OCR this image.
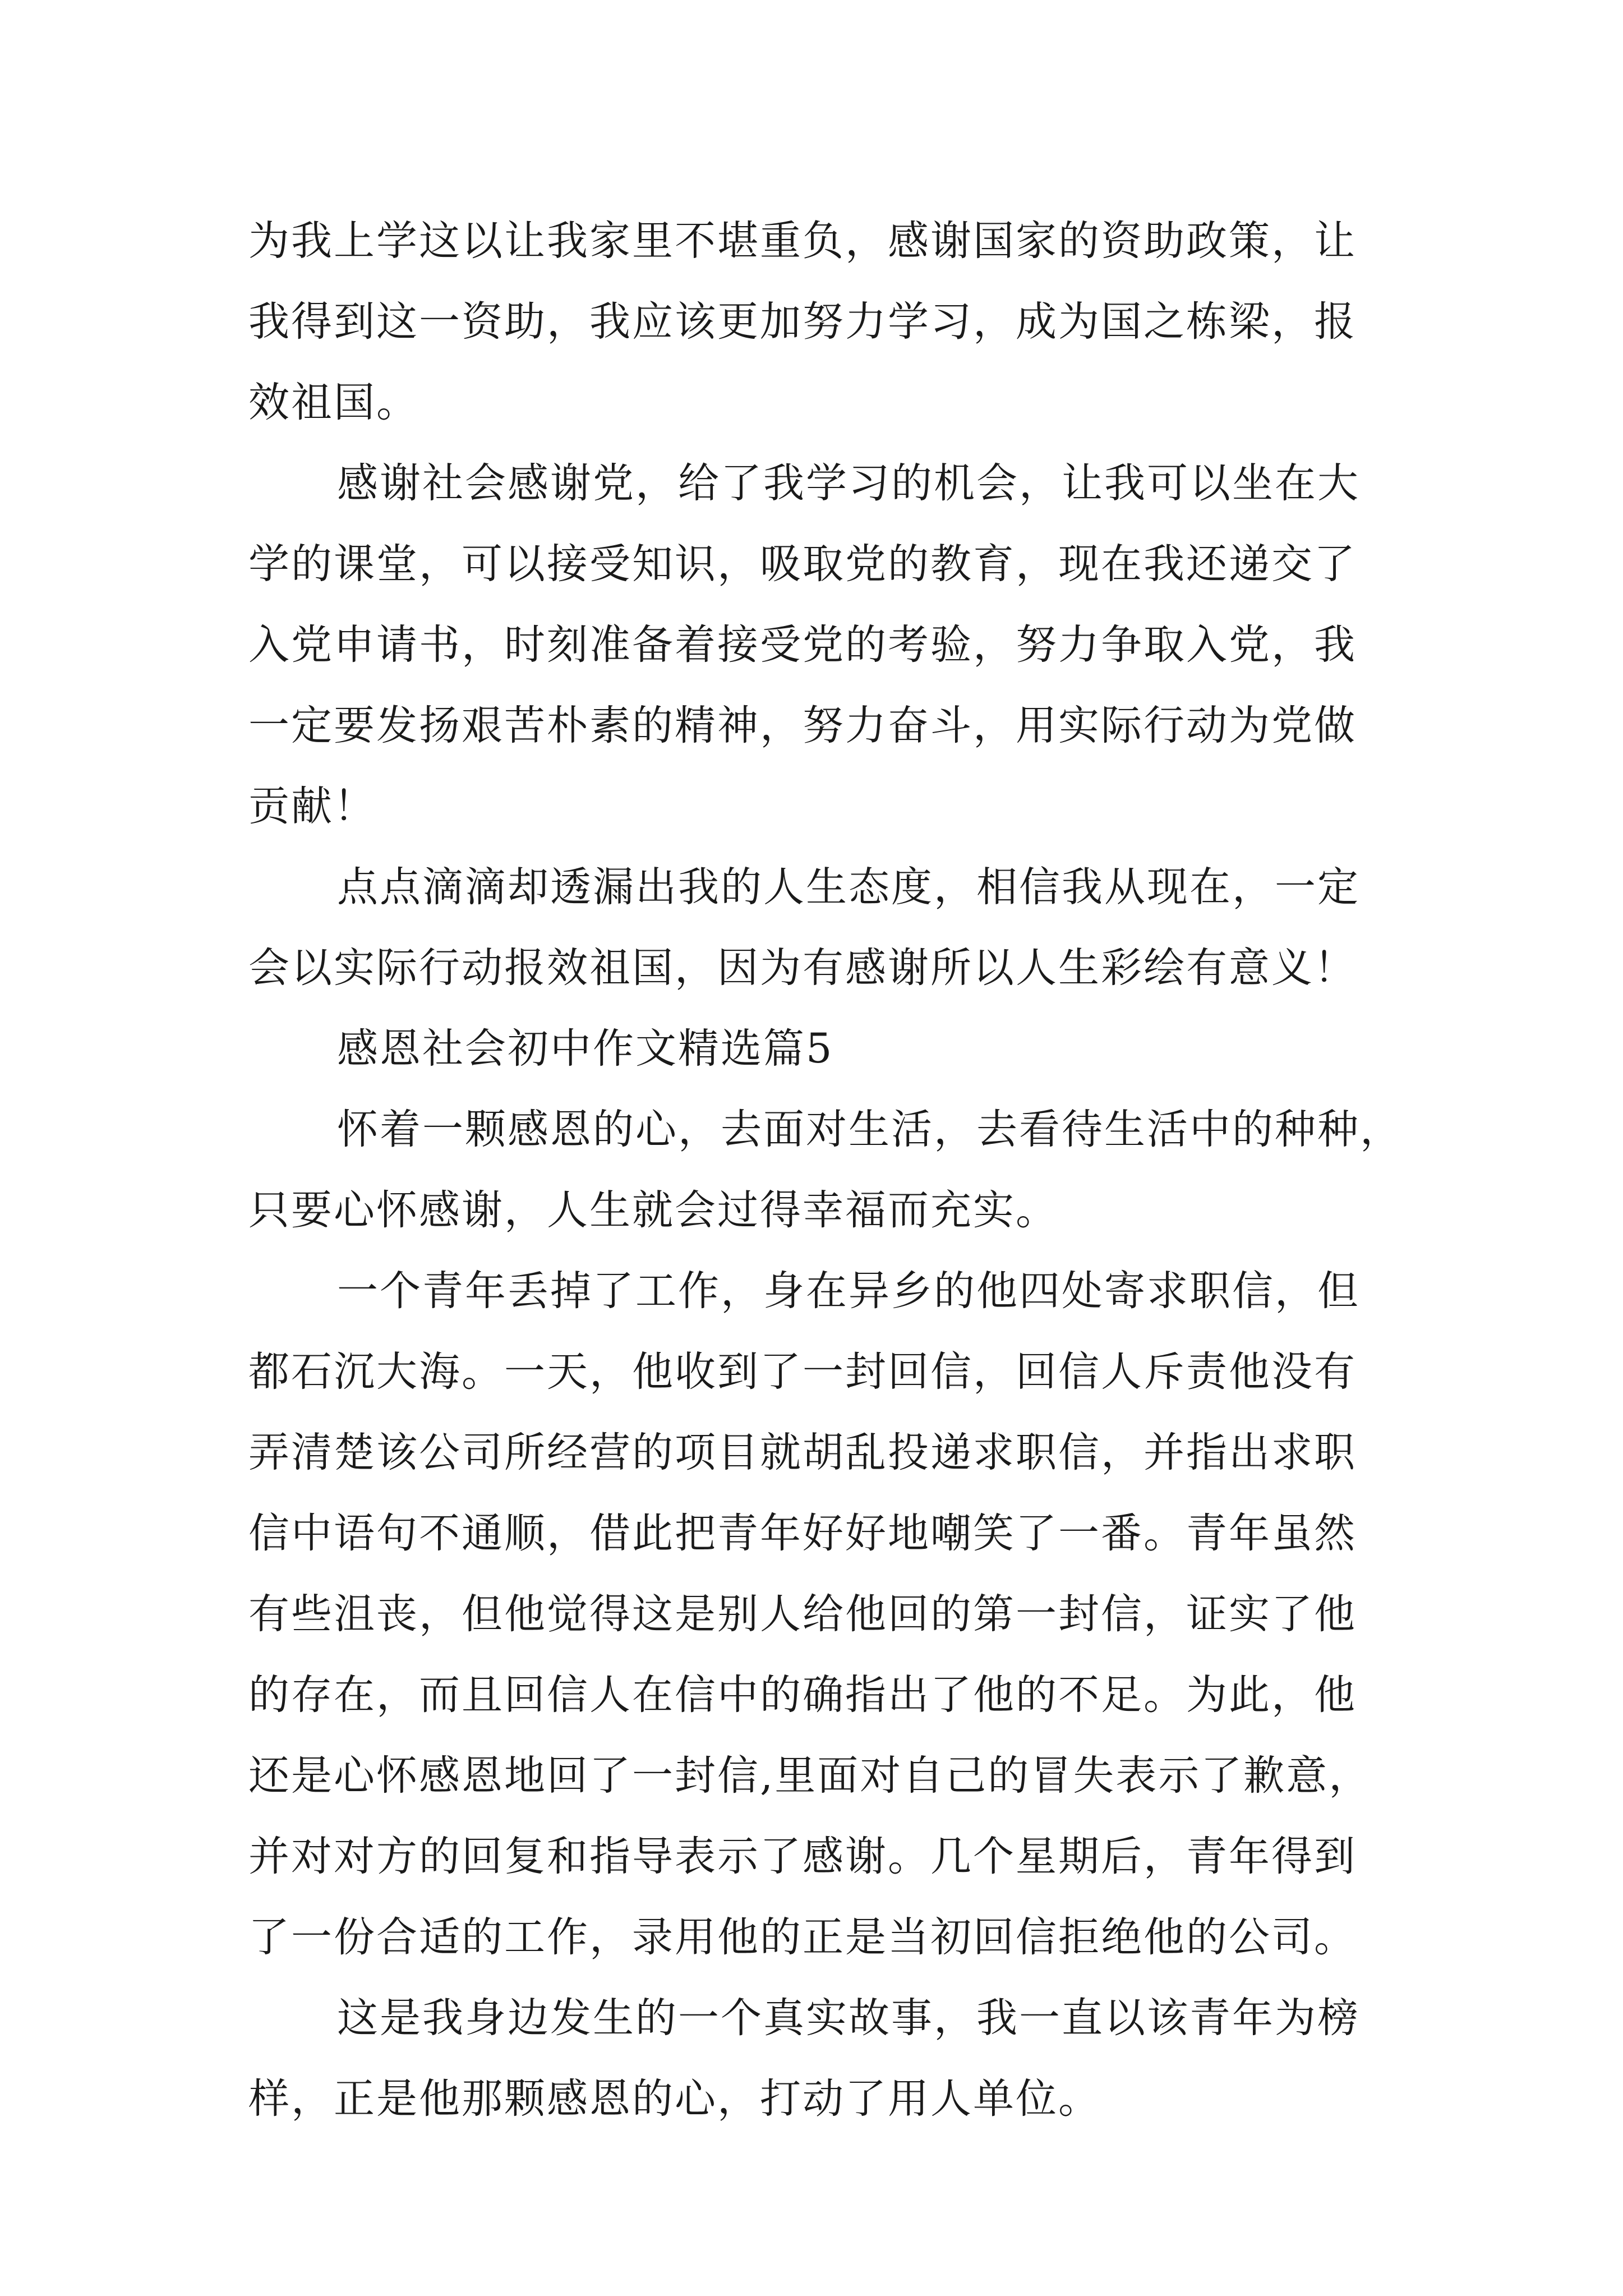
为我上学这以让我家里不堪重负，感谢国家的资助政策，让

我得到这一资助，我应该更加努力学习，成为国之栋梁，报

效祖国。

感谢社会感谢党，给了我学习的机会，让我可以坐在大

学的课堂，可以接受知识，吸取党的教育，现在我还递交了

入党申请书，时刻准备着接受党的考验，努力争取入党，我

一定要发扬艰苦朴素的精神，努力奋斗，用实际行动为党做

贡献！

点点滴滴却透漏出我的人生态度，相信我从现在，一定

会以实际行动报效祖国，因为有感谢所以人生彩绘有意义！

感恩社会初中作文精选篇5

怀着一颗感恩的心，去面对生活，去看待生活中的种种，

只要心怀感谢，人生就会过得幸福而充实。

一个青年丢掉了工作，身在异乡的他四处寄求职信，但

都石沉大海。一天，他收到了一封回信，回信人斥责他没有

弄清楚该公司所经营的项目就胡乱投递求职信，并指出求职

信中语句不通顺，借此把青年好好地嘲笑了一番。青年虽然

有些沮丧，但他觉得这是别人给他回的第一封信，证实了他

的存在，而且回信人在信中的确指出了他的不足。为此，他

还是心怀感恩地回了一封信,里面对自己的冒失表示了歉意，

并对对方的回复和指导表示了感谢。几个星期后，青年得到

了一份合适的工作，录用他的正是当初回信拒绝他的公司。

这是我身边发生的一个真实故事，我一直以该青年为榜

样，正是他那颗感恩的心，打动了用人单位。
